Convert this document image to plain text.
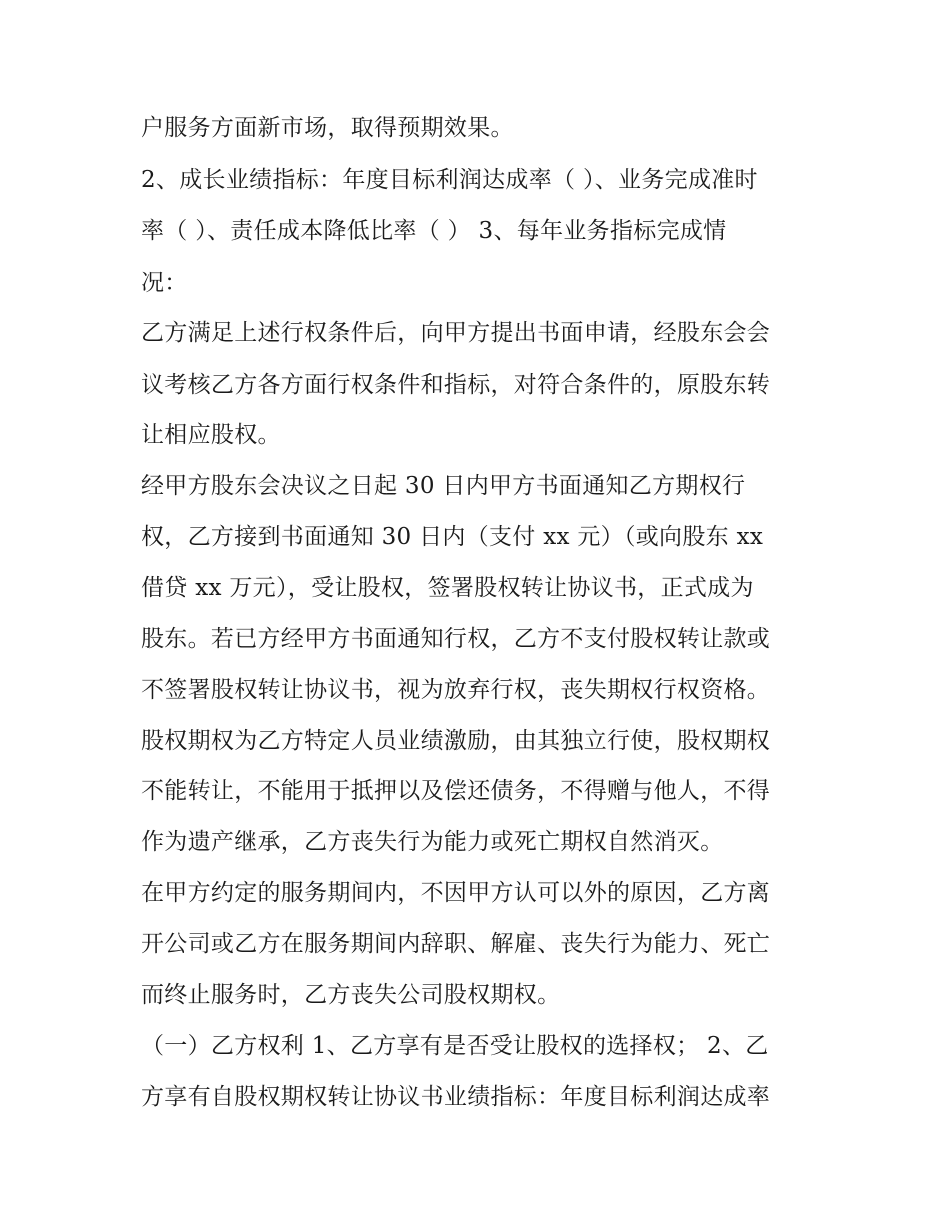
户服务方面新市场，取得预期效果。
2、成长业绩指标：年度目标利润达成率（ ）、业务完成准时
率（ ）、责任成本降低比率（ ） 3、每年业务指标完成情
况：
乙方满足上述行权条件后，向甲方提出书面申请，经股东会会
议考核乙方各方面行权条件和指标，对符合条件的，原股东转
让相应股权。
经甲方股东会决议之日起 30 日内甲方书面通知乙方期权行
权，乙方接到书面通知 30 日内（支付 xx 元）（或向股东 xx
借贷 xx 万元），受让股权，签署股权转让协议书，正式成为
股东。若已方经甲方书面通知行权，乙方不支付股权转让款或
不签署股权转让协议书，视为放弃行权，丧失期权行权资格。
股权期权为乙方特定人员业绩激励，由其独立行使，股权期权
不能转让，不能用于抵押以及偿还债务，不得赠与他人，不得
作为遗产继承，乙方丧失行为能力或死亡期权自然消灭。
在甲方约定的服务期间内，不因甲方认可以外的原因，乙方离
开公司或乙方在服务期间内辞职、解雇、丧失行为能力、死亡
而终止服务时，乙方丧失公司股权期权。
（一）乙方权利 1、乙方享有是否受让股权的选择权； 2、乙
方享有自股权期权转让协议书业绩指标：年度目标利润达成率
